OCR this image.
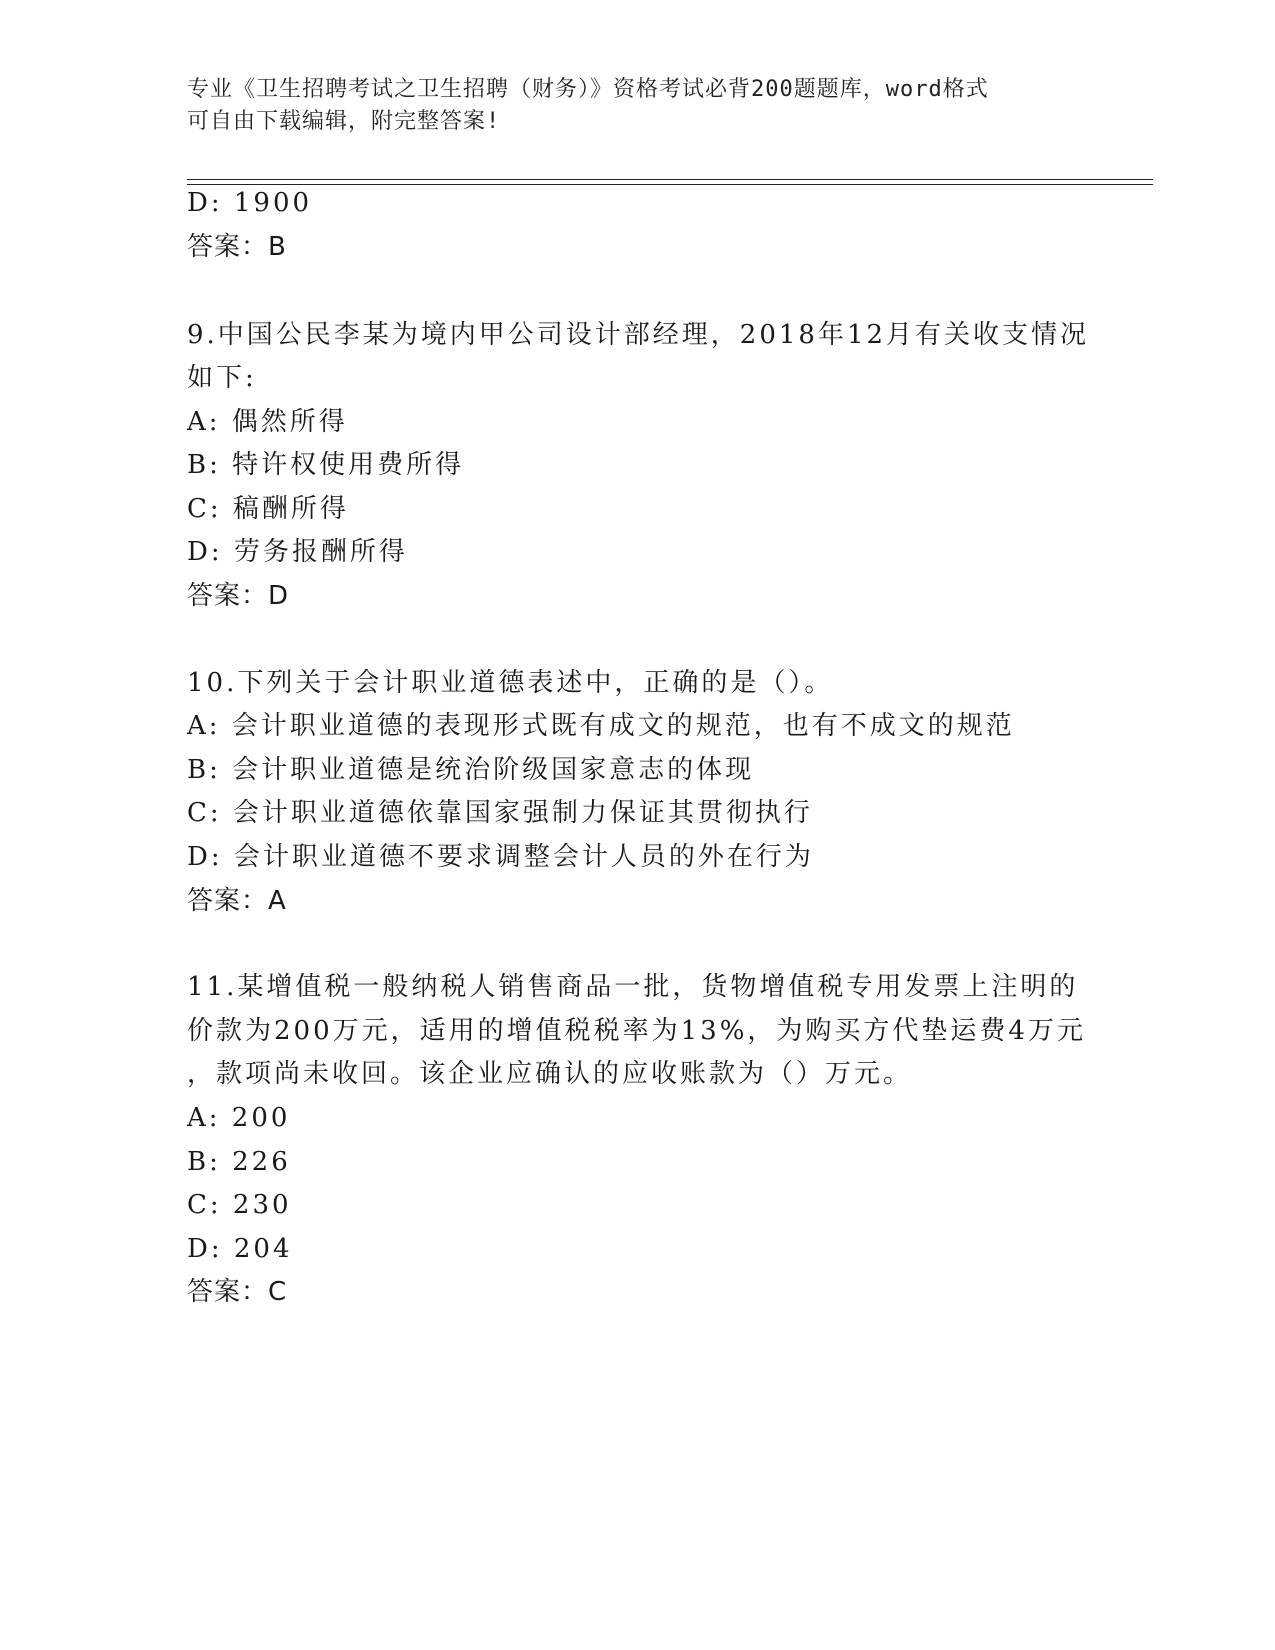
专业《卫生招聘考试之卫生招聘（财务）》资格考试必背200题题库，word格式
可自由下载编辑，附完整答案!
D: 1900
答案：B
9.中国公民李某为境内甲公司设计部经理，2018年12月有关收支情况
如下:
A: 偶然所得
B: 特许权使用费所得
C: 稿酬所得
D: 劳务报酬所得
答案：D
10.下列关于会计职业道德表述中，正确的是（）。
A: 会计职业道德的表现形式既有成文的规范，也有不成文的规范
B: 会计职业道德是统治阶级国家意志的体现
C: 会计职业道德依靠国家强制力保证其贯彻执行
D: 会计职业道德不要求调整会计人员的外在行为
答案：A
11.某增值税一般纳税人销售商品一批，货物增值税专用发票上注明的
价款为200万元，适用的增值税税率为13%，为购买方代垫运费4万元
，款项尚未收回。该企业应确认的应收账款为（）万元。
A: 200
B: 226
C: 230
D: 204
答案：C
